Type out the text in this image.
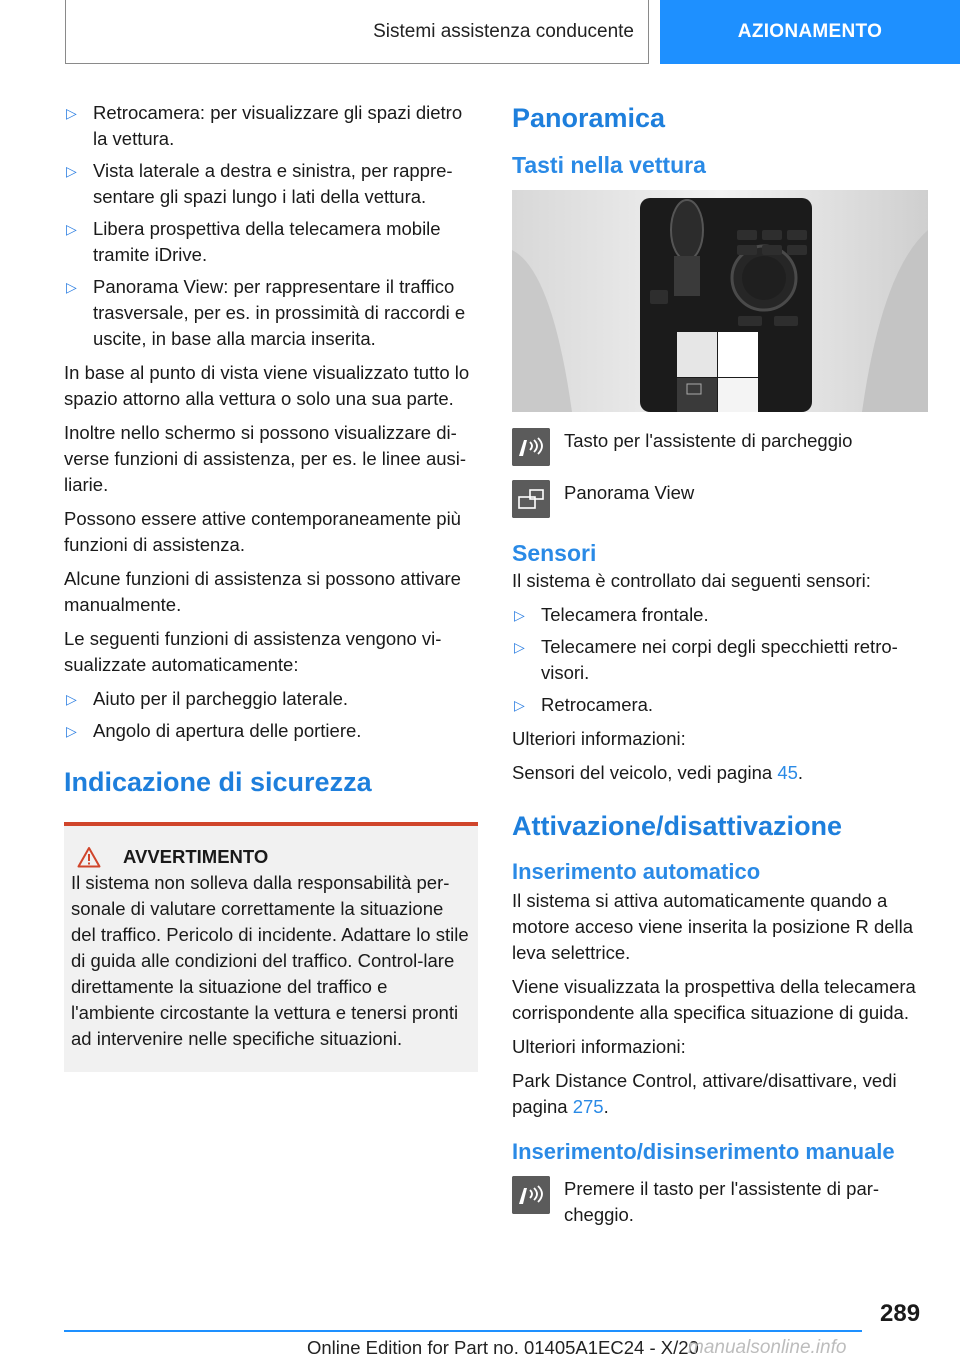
Sistemi assistenza conducente	AZIONAMENTO
▷ Retrocamera: per visualizzare gli spazi dietro la vettura.
▷ Vista laterale a destra e sinistra, per rappre-sentare gli spazi lungo i lati della vettura.
▷ Libera prospettiva della telecamera mobile tramite iDrive.
▷ Panorama View: per rappresentare il traffico trasversale, per es. in prossimità di raccordi e uscite, in base alla marcia inserita.

In base al punto di vista viene visualizzato tutto lo spazio attorno alla vettura o solo una sua parte.

Inoltre nello schermo si possono visualizzare di-verse funzioni di assistenza, per es. le linee ausi-liarie.

Possono essere attive contemporaneamente più funzioni di assistenza.

Alcune funzioni di assistenza si possono attivare manualmente.

Le seguenti funzioni di assistenza vengono vi-sualizzate automaticamente:

▷ Aiuto per il parcheggio laterale.
▷ Angolo di apertura delle portiere.
Indicazione di sicurezza
AVVERTIMENTO

Il sistema non solleva dalla responsabilità per-sonale di valutare correttamente la situazione del traffico. Pericolo di incidente. Adattare lo stile di guida alle condizioni del traffico. Control-lare direttamente la situazione del traffico e l'ambiente circostante la vettura e tenersi pronti ad intervenire nelle specifiche situazioni.

Panoramica
Tasti nella vettura

Tasto per l'assistente di parcheggio

Panorama View

Sensori

Il sistema è controllato dai seguenti sensori:

▷ Telecamera frontale.
▷ Telecamere nei corpi degli specchietti retro-visori.
▷ Retrocamera.

Ulteriori informazioni:

Sensori del veicolo, vedi pagina 45.

Attivazione/disattivazione
Inserimento automatico

Il sistema si attiva automaticamente quando a motore acceso viene inserita la posizione R della leva selettrice.

Viene visualizzata la prospettiva della telecamera corrispondente alla specifica situazione di guida.

Ulteriori informazioni:

Park Distance Control, attivare/disattivare, vedi pagina 275.

Inserimento/disinserimento manuale

Premere il tasto per l'assistente di par-cheggio.

289
Online Edition for Part no. 01405A1EC24 - X/20
manualsonline.info
